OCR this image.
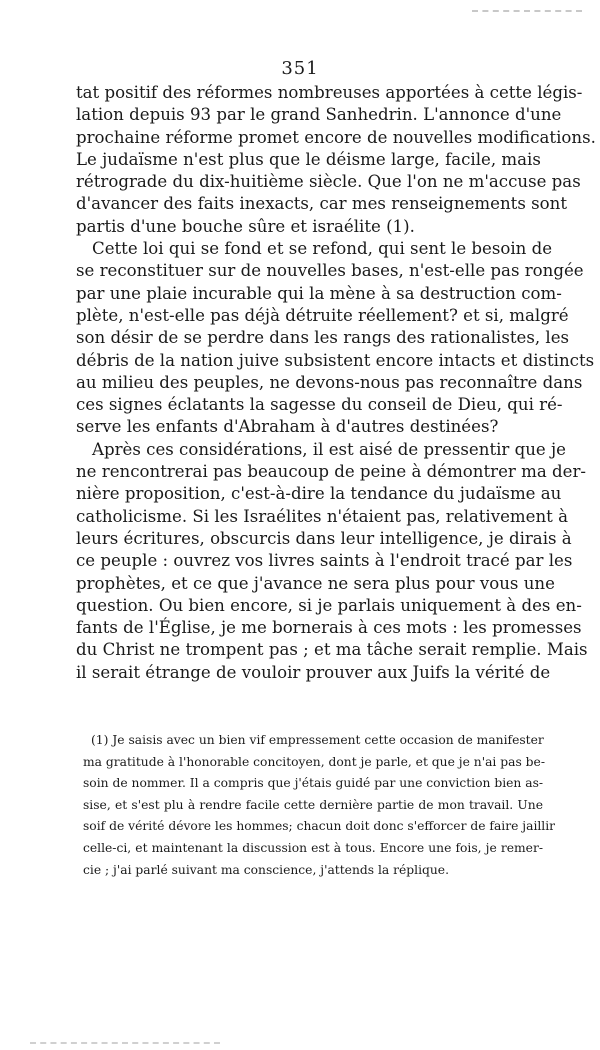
351
tat positif des réformes nombreuses apportées à cette légis-
lation depuis 93 par le grand Sanhedrin. L'annonce d'une
prochaine réforme promet encore de nouvelles modifications.
Le judaïsme n'est plus que le déisme large, facile, mais
rétrograde du dix-huitième siècle. Que l'on ne m'accuse pas
d'avancer des faits inexacts, car mes renseignements sont
partis d'une bouche sûre et israélite (1).
Cette loi qui se fond et se refond, qui sent le besoin de
se reconstituer sur de nouvelles bases, n'est-elle pas rongée
par une plaie incurable qui la mène à sa destruction com-
plète, n'est-elle pas déjà détruite réellement? et si, malgré
son désir de se perdre dans les rangs des rationalistes, les
débris de la nation juive subsistent encore intacts et distincts
au milieu des peuples, ne devons-nous pas reconnaître dans
ces signes éclatants la sagesse du conseil de Dieu, qui ré-
serve les enfants d'Abraham à d'autres destinées?
Après ces considérations, il est aisé de pressentir que je
ne rencontrerai pas beaucoup de peine à démontrer ma der-
nière proposition, c'est-à-dire la tendance du judaïsme au
catholicisme. Si les Israélites n'étaient pas, relativement à
leurs écritures, obscurcis dans leur intelligence, je dirais à
ce peuple : ouvrez vos livres saints à l'endroit tracé par les
prophètes, et ce que j'avance ne sera plus pour vous une
question. Ou bien encore, si je parlais uniquement à des en-
fants de l'Église, je me bornerais à ces mots : les promesses
du Christ ne trompent pas ; et ma tâche serait remplie. Mais
il serait étrange de vouloir prouver aux Juifs la vérité de
(1) Je saisis avec un bien vif empressement cette occasion de manifester
ma gratitude à l'honorable concitoyen, dont je parle, et que je n'ai pas be-
soin de nommer. Il a compris que j'étais guidé par une conviction bien as-
sise, et s'est plu à rendre facile cette dernière partie de mon travail. Une
soif de vérité dévore les hommes; chacun doit donc s'efforcer de faire jaillir
celle-ci, et maintenant la discussion est à tous. Encore une fois, je remer-
cie ; j'ai parlé suivant ma conscience, j'attends la réplique.
